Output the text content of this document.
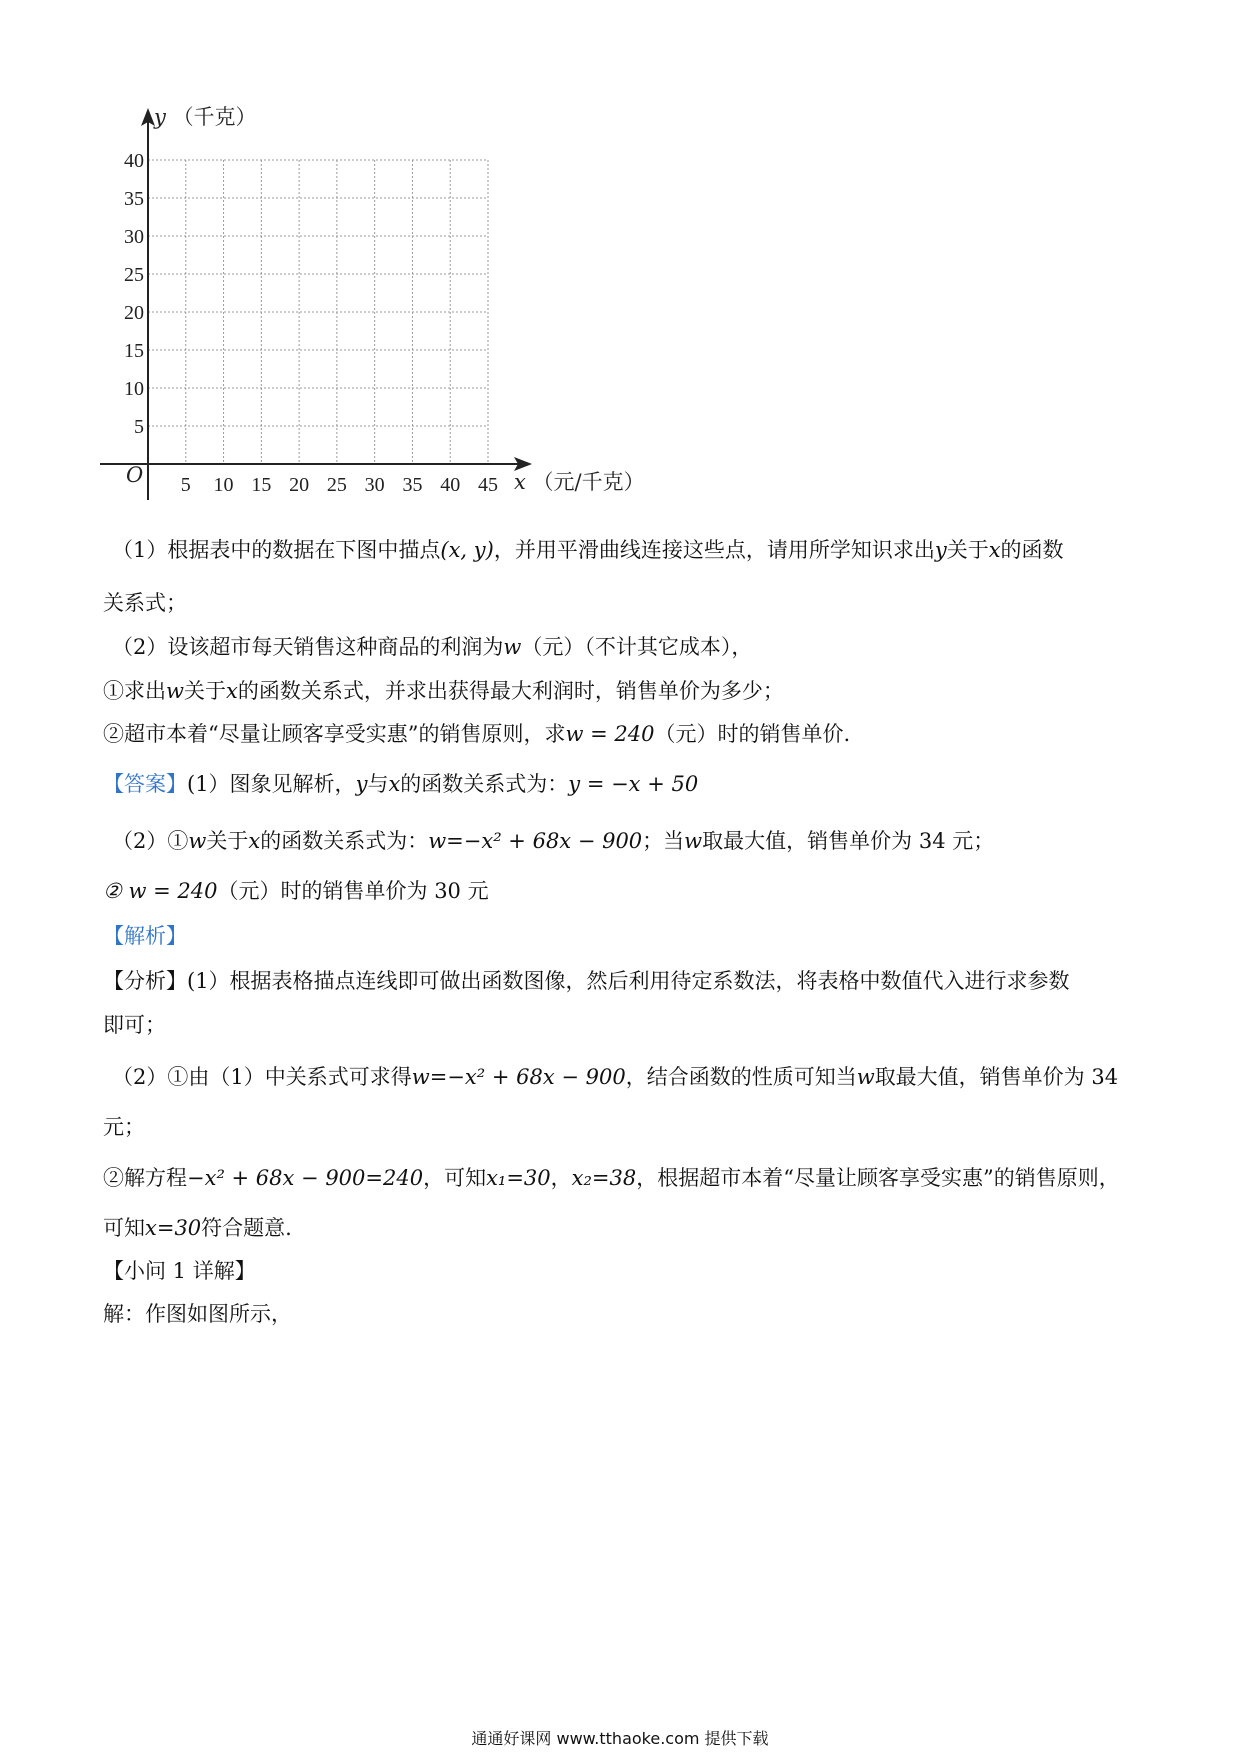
5 10 15 20 25 30 35 40 45
5
10
15
20
25
30
35
40
O
y （千克）
x （元/千克）
（1）根据表中的数据在下图中描点(x, y)，并用平滑曲线连接这些点，请用所学知识求出y关于x的函数
关系式；
（2）设该超市每天销售这种商品的利润为w（元）（不计其它成本），
①求出w关于x的函数关系式，并求出获得最大利润时，销售单价为多少；
②超市本着“尽量让顾客享受实惠”的销售原则，求w = 240（元）时的销售单价.
【答案】(1）图象见解析，y与x的函数关系式为：y = −x + 50
（2）①w关于x的函数关系式为：w=−x² + 68x − 900；当w取最大值，销售单价为 34 元；
② w = 240（元）时的销售单价为 30 元
【解析】
【分析】(1）根据表格描点连线即可做出函数图像，然后利用待定系数法，将表格中数值代入进行求参数
即可；
（2）①由（1）中关系式可求得w=−x² + 68x − 900，结合函数的性质可知当w取最大值，销售单价为 34
元；
②解方程−x² + 68x − 900=240，可知x₁=30，x₂=38，根据超市本着“尽量让顾客享受实惠”的销售原则，
可知x=30符合题意.
【小问 1 详解】
解：作图如图所示，
通通好课网 www.tthaoke.com 提供下载
